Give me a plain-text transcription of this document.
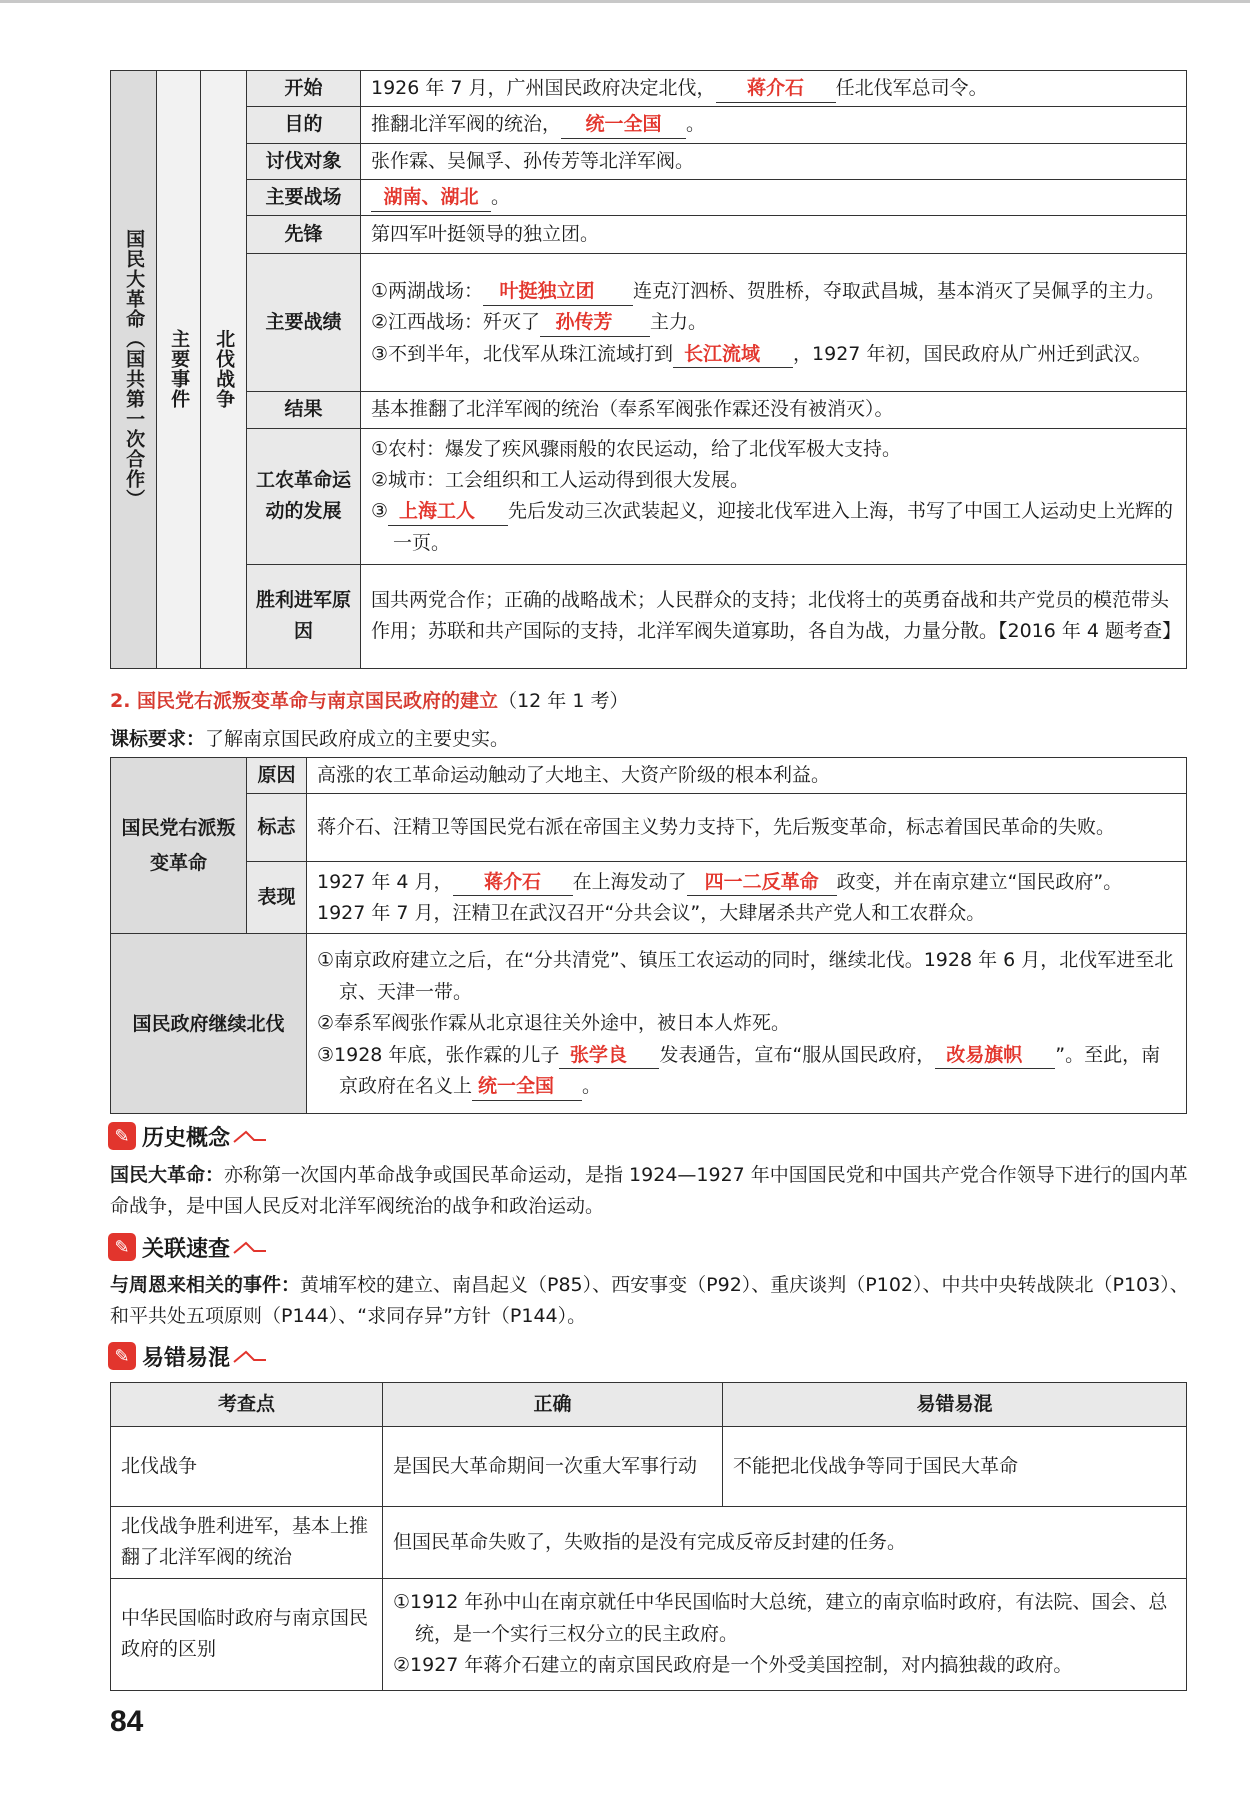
国民大革命（国共第一次合作）	主要事件	北伐战争	开始	1926 年 7 月，广州国民政府决定北伐， 蒋介石 任北伐军总司令。
			目的	推翻北洋军阀的统治， 统一全国 。
			讨伐对象	张作霖、吴佩孚、孙传芳等北洋军阀。
			主要战场	湖南、湖北 。
			先锋	第四军叶挺领导的独立团。
			主要战绩	①两湖战场： 叶挺独立团 连克汀泗桥、贺胜桥，夺取武昌城，基本消灭了吴佩孚的主力。
②江西战场：歼灭了 孙传芳 主力。
③不到半年，北伐军从珠江流域打到 长江流域 ，1927 年初，国民政府从广州迁到武汉。

			结果	基本推翻了北洋军阀的统治（奉系军阀张作霖还没有被消灭）。
			工农革命运动的发展	①农村：爆发了疾风骤雨般的农民运动，给了北伐军极大支持。
②城市：工会组织和工人运动得到很大发展。
③ 上海工人 先后发动三次武装起义，迎接北伐军进入上海，书写了中国工人运动史上光辉的一页。

			胜利进军原因	国共两党合作；正确的战略战术；人民群众的支持；北伐将士的英勇奋战和共产党员的模范带头作用；苏联和共产国际的支持，北洋军阀失道寡助，各自为战，力量分散。【2016 年 4 题考查】
2. 国民党右派叛变革命与南京国民政府的建立（12 年 1 考）
课标要求：了解南京国民政府成立的主要史实。
国民党右派叛变革命	原因	高涨的农工革命运动触动了大地主、大资产阶级的根本利益。
	标志	蒋介石、汪精卫等国民党右派在帝国主义势力支持下，先后叛变革命，标志着国民革命的失败。
	表现	1927 年 4 月， 蒋介石 在上海发动了 四一二反革命 政变，并在南京建立“国民政府”。
1927 年 7 月，汪精卫在武汉召开“分共会议”，大肆屠杀共产党人和工农群众。

国民政府继续北伐		①南京政府建立之后，在“分共清党”、镇压工农运动的同时，继续北伐。1928 年 6 月，北伐军进至北京、天津一带。
②奉系军阀张作霖从北京退往关外途中，被日本人炸死。
③1928 年底，张作霖的儿子 张学良 发表通告，宣布“服从国民政府， 改易旗帜 ”。至此，南京政府在名义上 统一全国 。
✎ 历史概念
国民大革命：亦称第一次国内革命战争或国民革命运动，是指 1924—1927 年中国国民党和中国共产党合作领导下进行的国内革命战争，是中国人民反对北洋军阀统治的战争和政治运动。
✎ 关联速查
与周恩来相关的事件：黄埔军校的建立、南昌起义（P85）、西安事变（P92）、重庆谈判（P102）、中共中央转战陕北（P103）、和平共处五项原则（P144）、“求同存异”方针（P144）。
✎ 易错易混
考查点	正确	易错易混
北伐战争	是国民大革命期间一次重大军事行动	不能把北伐战争等同于国民大革命
北伐战争胜利进军，基本上推翻了北洋军阀的统治	但国民革命失败了，失败指的是没有完成反帝反封建的任务。	
中华民国临时政府与南京国民政府的区别	①1912 年孙中山在南京就任中华民国临时大总统，建立的南京临时政府，有法院、国会、总统，是一个实行三权分立的民主政府。
②1927 年蒋介石建立的南京国民政府是一个外受美国控制，对内搞独裁的政府。	
84
